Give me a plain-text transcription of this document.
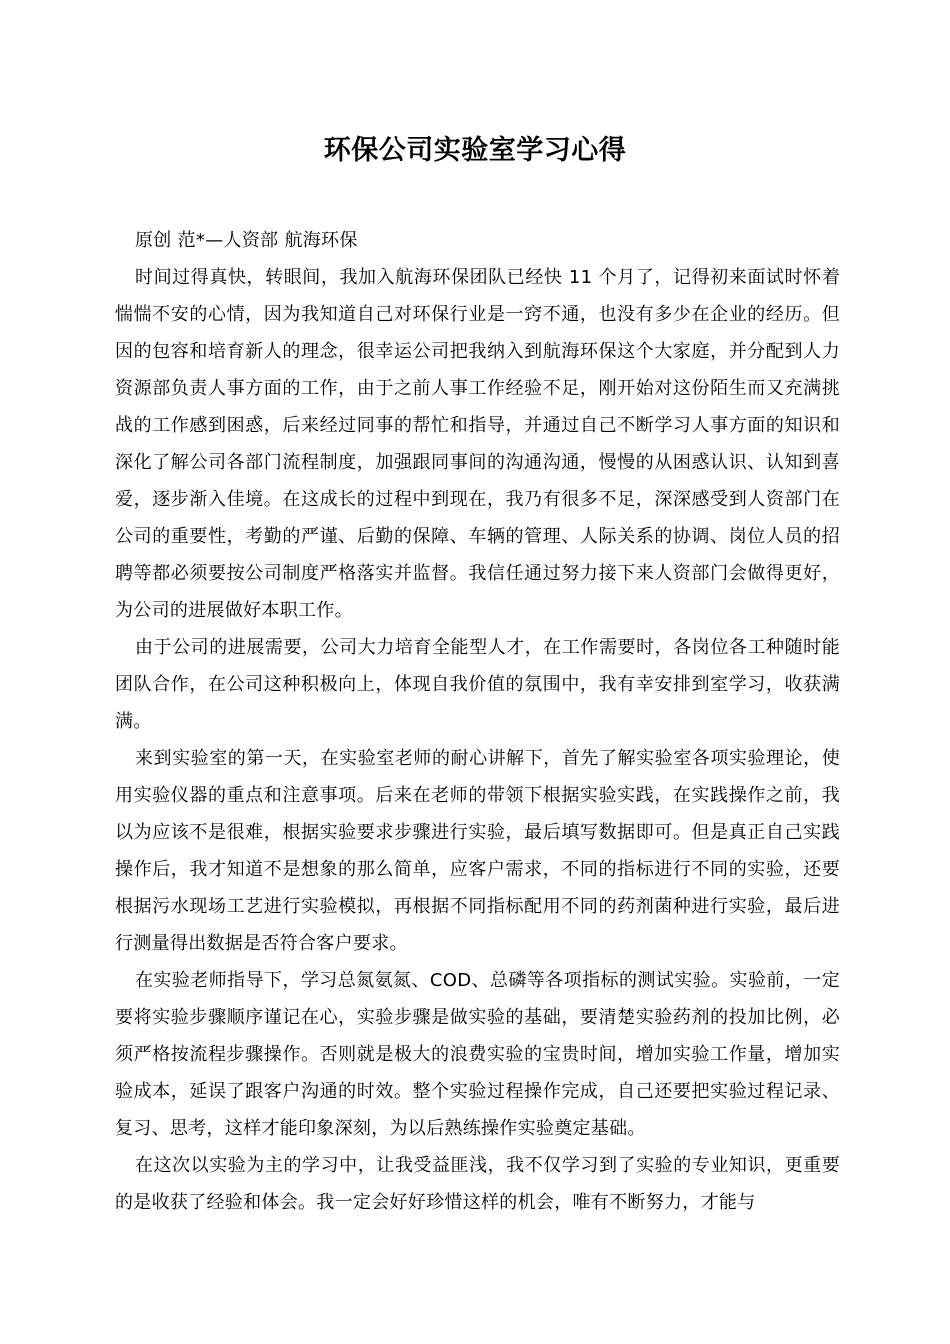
环保公司实验室学习心得

原创 范*—人资部 航海环保

时间过得真快，转眼间，我加入航海环保团队已经快 11 个月了，记得初来面试时怀着惴惴不安的心情，因为我知道自己对环保行业是一窍不通，也没有多少在企业的经历。但因的包容和培育新人的理念，很幸运公司把我纳入到航海环保这个大家庭，并分配到人力资源部负责人事方面的工作，由于之前人事工作经验不足，刚开始对这份陌生而又充满挑战的工作感到困惑，后来经过同事的帮忙和指导，并通过自己不断学习人事方面的知识和深化了解公司各部门流程制度，加强跟同事间的沟通沟通，慢慢的从困惑认识、认知到喜爱，逐步渐入佳境。在这成长的过程中到现在，我乃有很多不足，深深感受到人资部门在公司的重要性，考勤的严谨、后勤的保障、车辆的管理、人际关系的协调、岗位人员的招聘等都必须要按公司制度严格落实并监督。我信任通过努力接下来人资部门会做得更好，为公司的进展做好本职工作。

由于公司的进展需要，公司大力培育全能型人才，在工作需要时，各岗位各工种随时能团队合作，在公司这种积极向上，体现自我价值的氛围中，我有幸安排到室学习，收获满满。

来到实验室的第一天，在实验室老师的耐心讲解下，首先了解实验室各项实验理论，使用实验仪器的重点和注意事项。后来在老师的带领下根据实验实践，在实践操作之前，我以为应该不是很难，根据实验要求步骤进行实验，最后填写数据即可。但是真正自己实践操作后，我才知道不是想象的那么简单，应客户需求，不同的指标进行不同的实验，还要根据污水现场工艺进行实验模拟，再根据不同指标配用不同的药剂菌种进行实验，最后进行测量得出数据是否符合客户要求。

在实验老师指导下，学习总氮氨氮、COD、总磷等各项指标的测试实验。实验前，一定要将实验步骤顺序谨记在心，实验步骤是做实验的基础，要清楚实验药剂的投加比例，必须严格按流程步骤操作。否则就是极大的浪费实验的宝贵时间，增加实验工作量，增加实验成本，延误了跟客户沟通的时效。整个实验过程操作完成，自己还要把实验过程记录、复习、思考，这样才能印象深刻，为以后熟练操作实验奠定基础。

在这次以实验为主的学习中，让我受益匪浅，我不仅学习到了实验的专业知识，更重要的是收获了经验和体会。我一定会好好珍惜这样的机会，唯有不断努力，才能与
